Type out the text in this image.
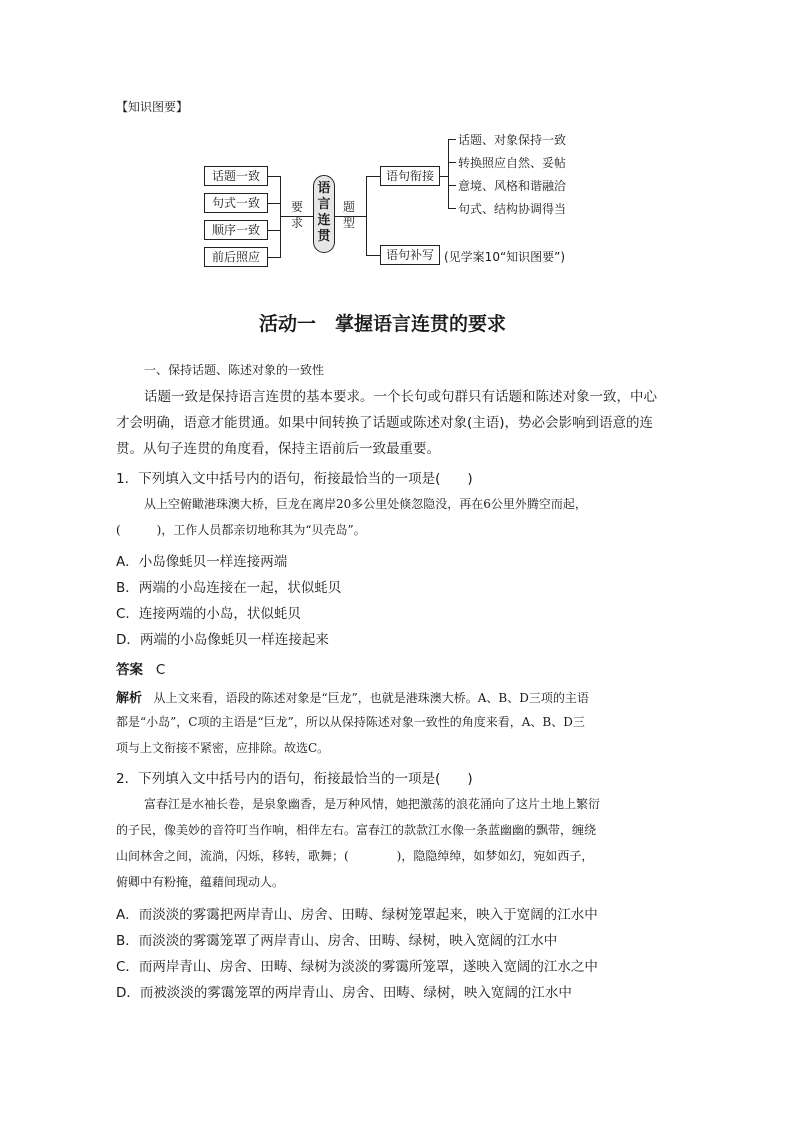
【知识图要】
话题一致
句式一致
顺序一致
前后照应
要
求
语
言
连
贯
题
型
语句衔接
语句补写
话题、对象保持一致
转换照应自然、妥帖
意境、风格和谐融洽
句式、结构协调得当
(见学案10“知识图要”)
活动一　掌握语言连贯的要求
一、保持话题、陈述对象的一致性
话题一致是保持语言连贯的基本要求。一个长句或句群只有话题和陈述对象一致，中心
才会明确，语意才能贯通。如果中间转换了话题或陈述对象(主语)，势必会影响到语意的连
贯。从句子连贯的角度看，保持主语前后一致最重要。
1．下列填入文中括号内的语句，衔接最恰当的一项是(　　)
从上空俯瞰港珠澳大桥，巨龙在离岸20多公里处倏忽隐没，再在6公里外腾空而起，
(　　　)，工作人员都亲切地称其为“贝壳岛”。
A．小岛像蚝贝一样连接两端
B．两端的小岛连接在一起，状似蚝贝
C．连接两端的小岛，状似蚝贝
D．两端的小岛像蚝贝一样连接起来
答案 C
解析 从上文来看，语段的陈述对象是“巨龙”，也就是港珠澳大桥。A、B、D三项的主语
都是“小岛”，C项的主语是“巨龙”，所以从保持陈述对象一致性的角度来看，A、B、D三
项与上文衔接不紧密，应排除。故选C。
2．下列填入文中括号内的语句，衔接最恰当的一项是(　　)
富春江是水袖长卷，是泉象幽香，是万种风情，她把激荡的浪花涌向了这片土地上繁衍
的子民，像美妙的音符叮当作响，相伴左右。富春江的款款江水像一条蓝幽幽的飘带，缠绕
山间林舍之间，流淌，闪烁，移转，歌舞；(　　　　)，隐隐绰绰，如梦如幻，宛如西子，
俯卿中有粉掩，蕴藉间现动人。
A．而淡淡的雾霭把两岸青山、房舍、田畴、绿树笼罩起来，映入于宽阔的江水中
B．而淡淡的雾霭笼罩了两岸青山、房舍、田畴、绿树，映入宽阔的江水中
C．而两岸青山、房舍、田畴、绿树为淡淡的雾霭所笼罩，遂映入宽阔的江水之中
D．而被淡淡的雾霭笼罩的两岸青山、房舍、田畴、绿树，映入宽阔的江水中
